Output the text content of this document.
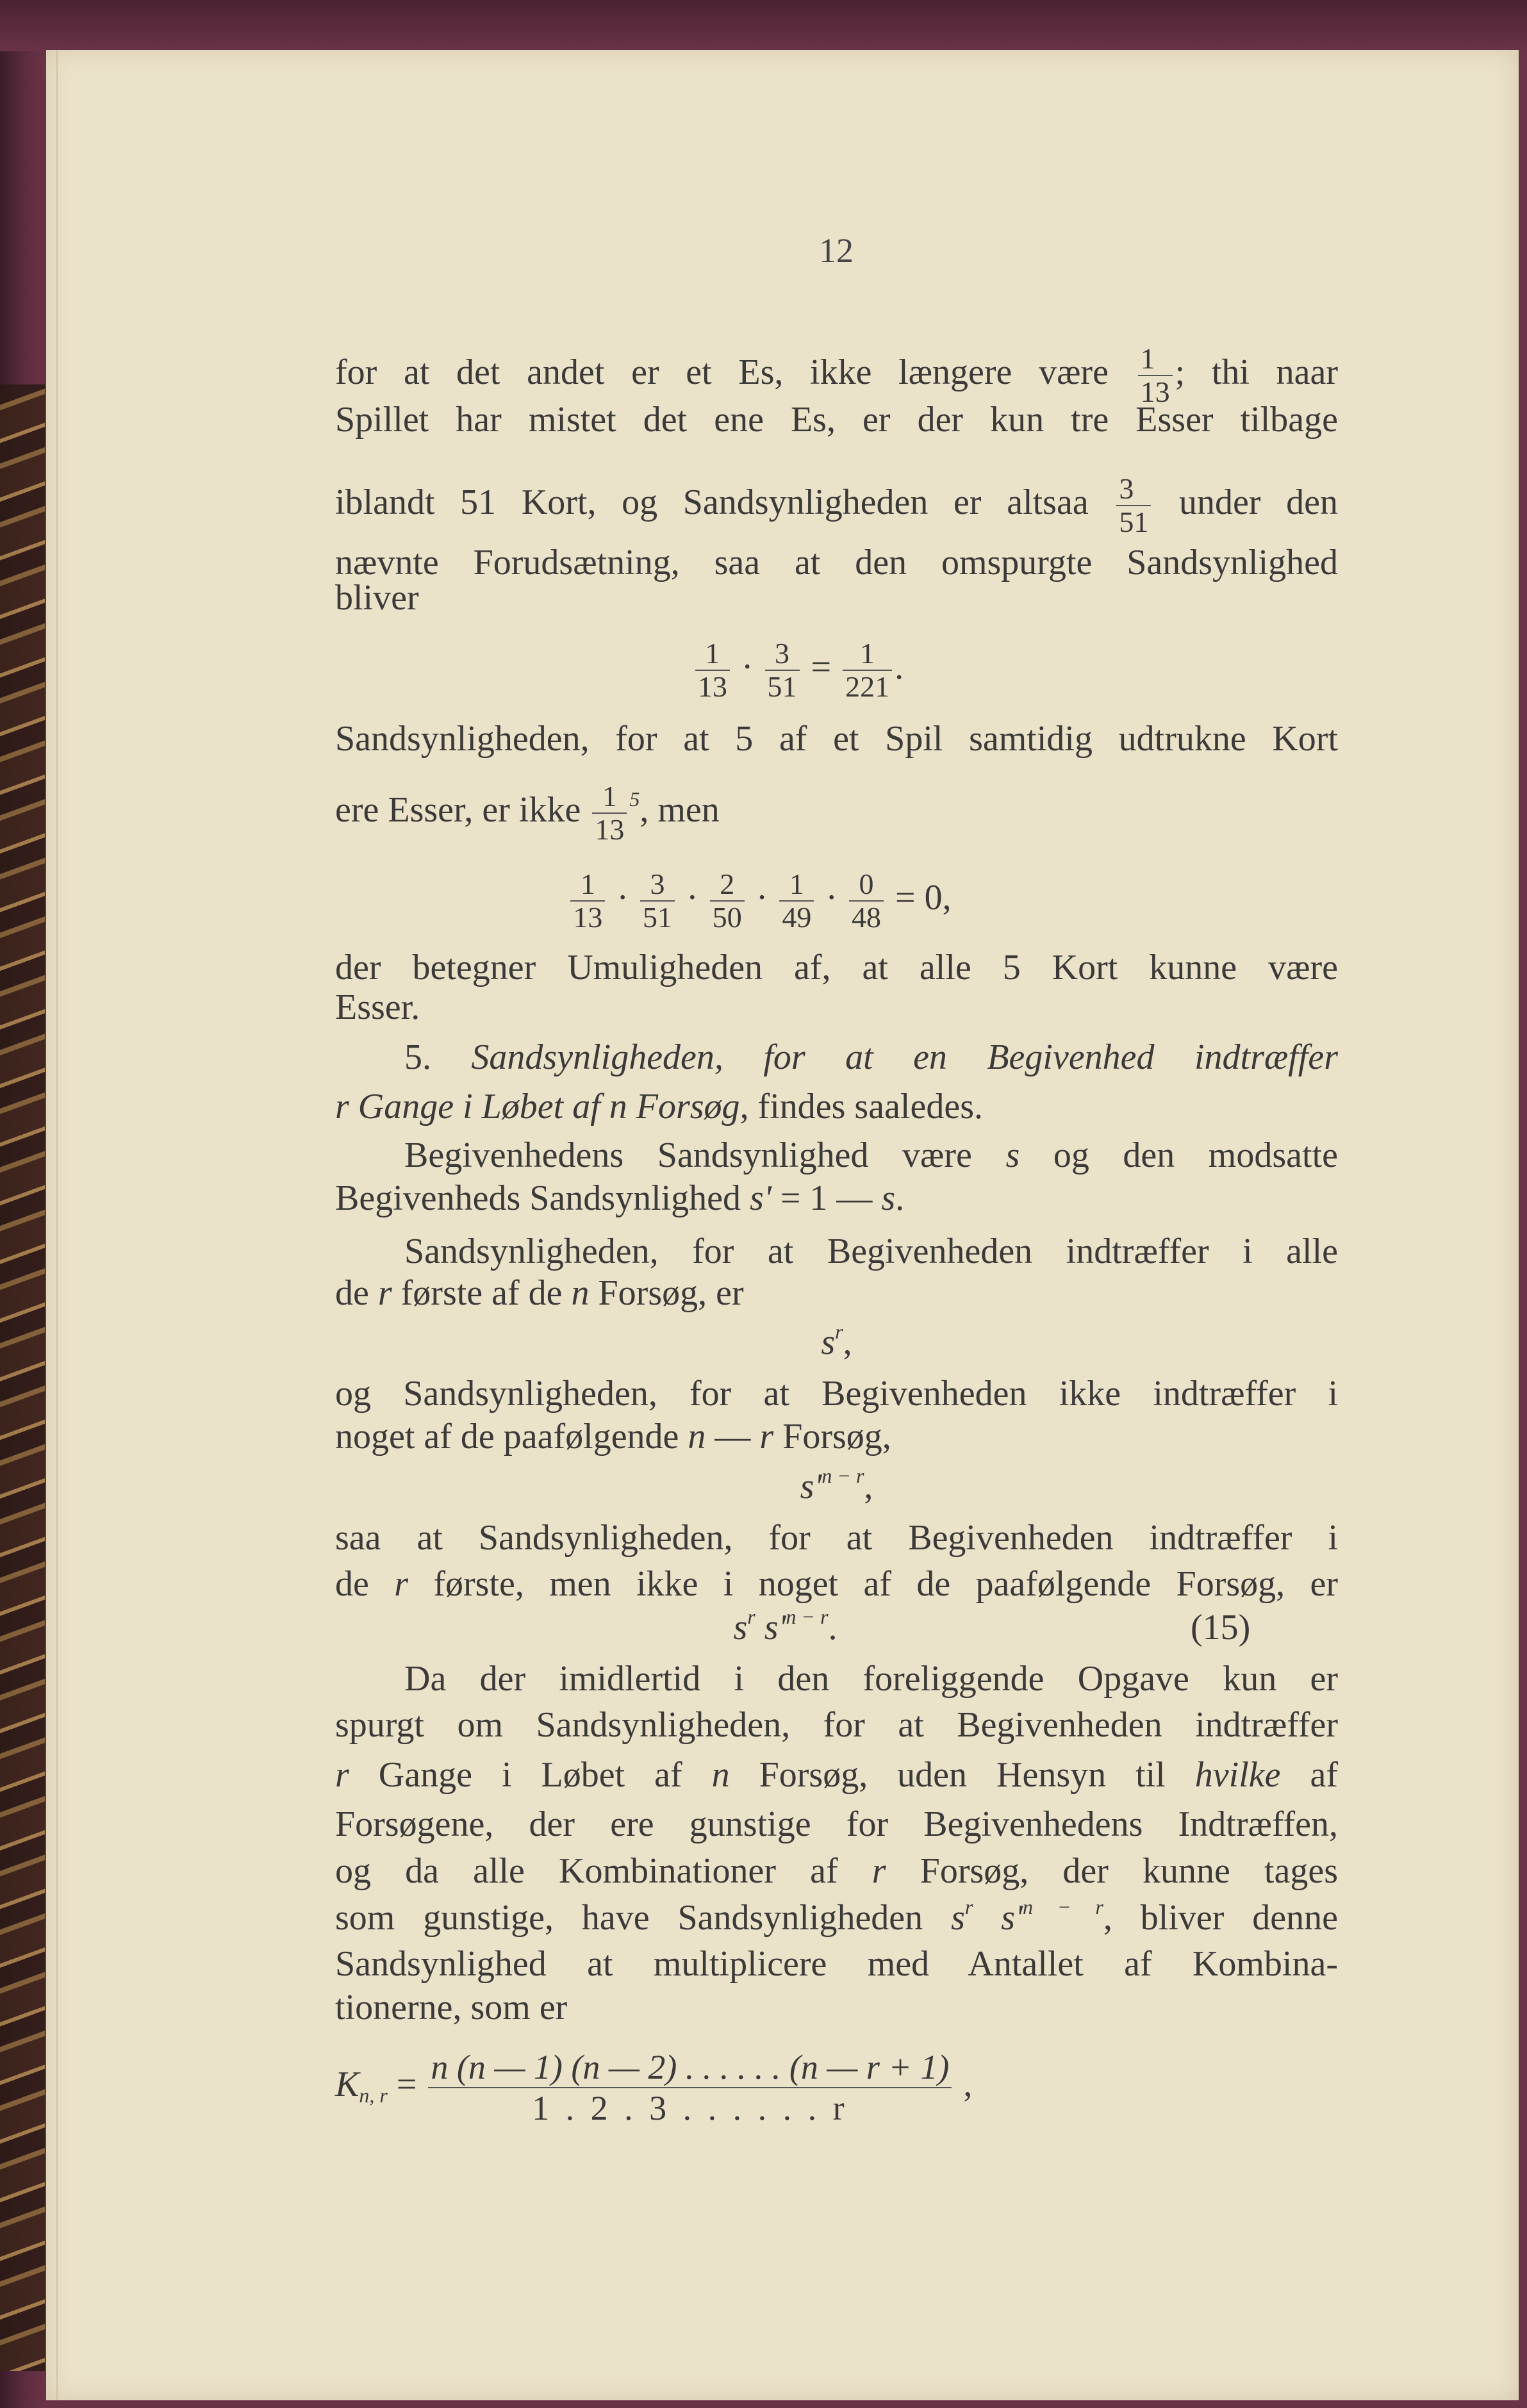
12
for at det andet er et Es, ikke længere være $\frac{1}{13}$ ; thi naar
Spillet har mistet det ene Es, er der kun tre Esser tilbage
iblandt 51 Kort, og Sandsynligheden er altsaa $\frac{3}{51}$ under den
nævnte Forudsætning, saa at den omspurgte Sandsynlighed
bliver
$\frac{1}{13} \cdot \frac{3}{51} = \frac{1}{221}$ .
Sandsynligheden, for at 5 af et Spil samtidig udtrukne Kort
ere Esser, er ikke $\frac{1}{13} ^5$, men
$\frac{1}{13} \cdot \frac{3}{51} \cdot \frac{2}{50} \cdot \frac{1}{49} \cdot \frac{0}{48} = 0$,
der betegner Umuligheden af, at alle 5 Kort kunne være
Esser.
5. Sandsynligheden, for at en Begivenhed indtræffer
r Gange i Løbet af n Forsøg, findes saaledes.
Begivenhedens Sandsynlighed være s og den modsatte
Begivenheds Sandsynlighed s' = 1 — s.
Sandsynligheden, for at Begivenheden indtræffer i alle
de r første af de n Forsøg, er
$s^r$,
og Sandsynligheden, for at Begivenheden ikke indtræffer i
noget af de paafølgende n — r Forsøg,
$s'^{n - r}$,
saa at Sandsynligheden, for at Begivenheden indtræffer i
de r første, men ikke i noget af de paafølgende Forsøg, er
$s^r$ $s'^{n - r}$.
Da der imidlertid i den foreliggende Opgave kun er
spurgt om Sandsynligheden, for at Begivenheden indtræffer
r Gange i Løbet af n Forsøg, uden Hensyn til hvilke af
Forsøgene, der ere gunstige for Begivenhedens Indtræffen,
og da alle Kombinationer af r Forsøg, der kunne tages
som gunstige, have Sandsynligheden $s^r$ $s'^{n - r}$, bliver denne
Sandsynlighed at multiplicere med Antallet af Kombina-
tionerne, som er
$K_{n, r} = \frac{n (n — 1) (n — 2) . . . . . . (n — r + 1)}{1 . 2 . 3 . . . . . . r}$ ,
(15)
